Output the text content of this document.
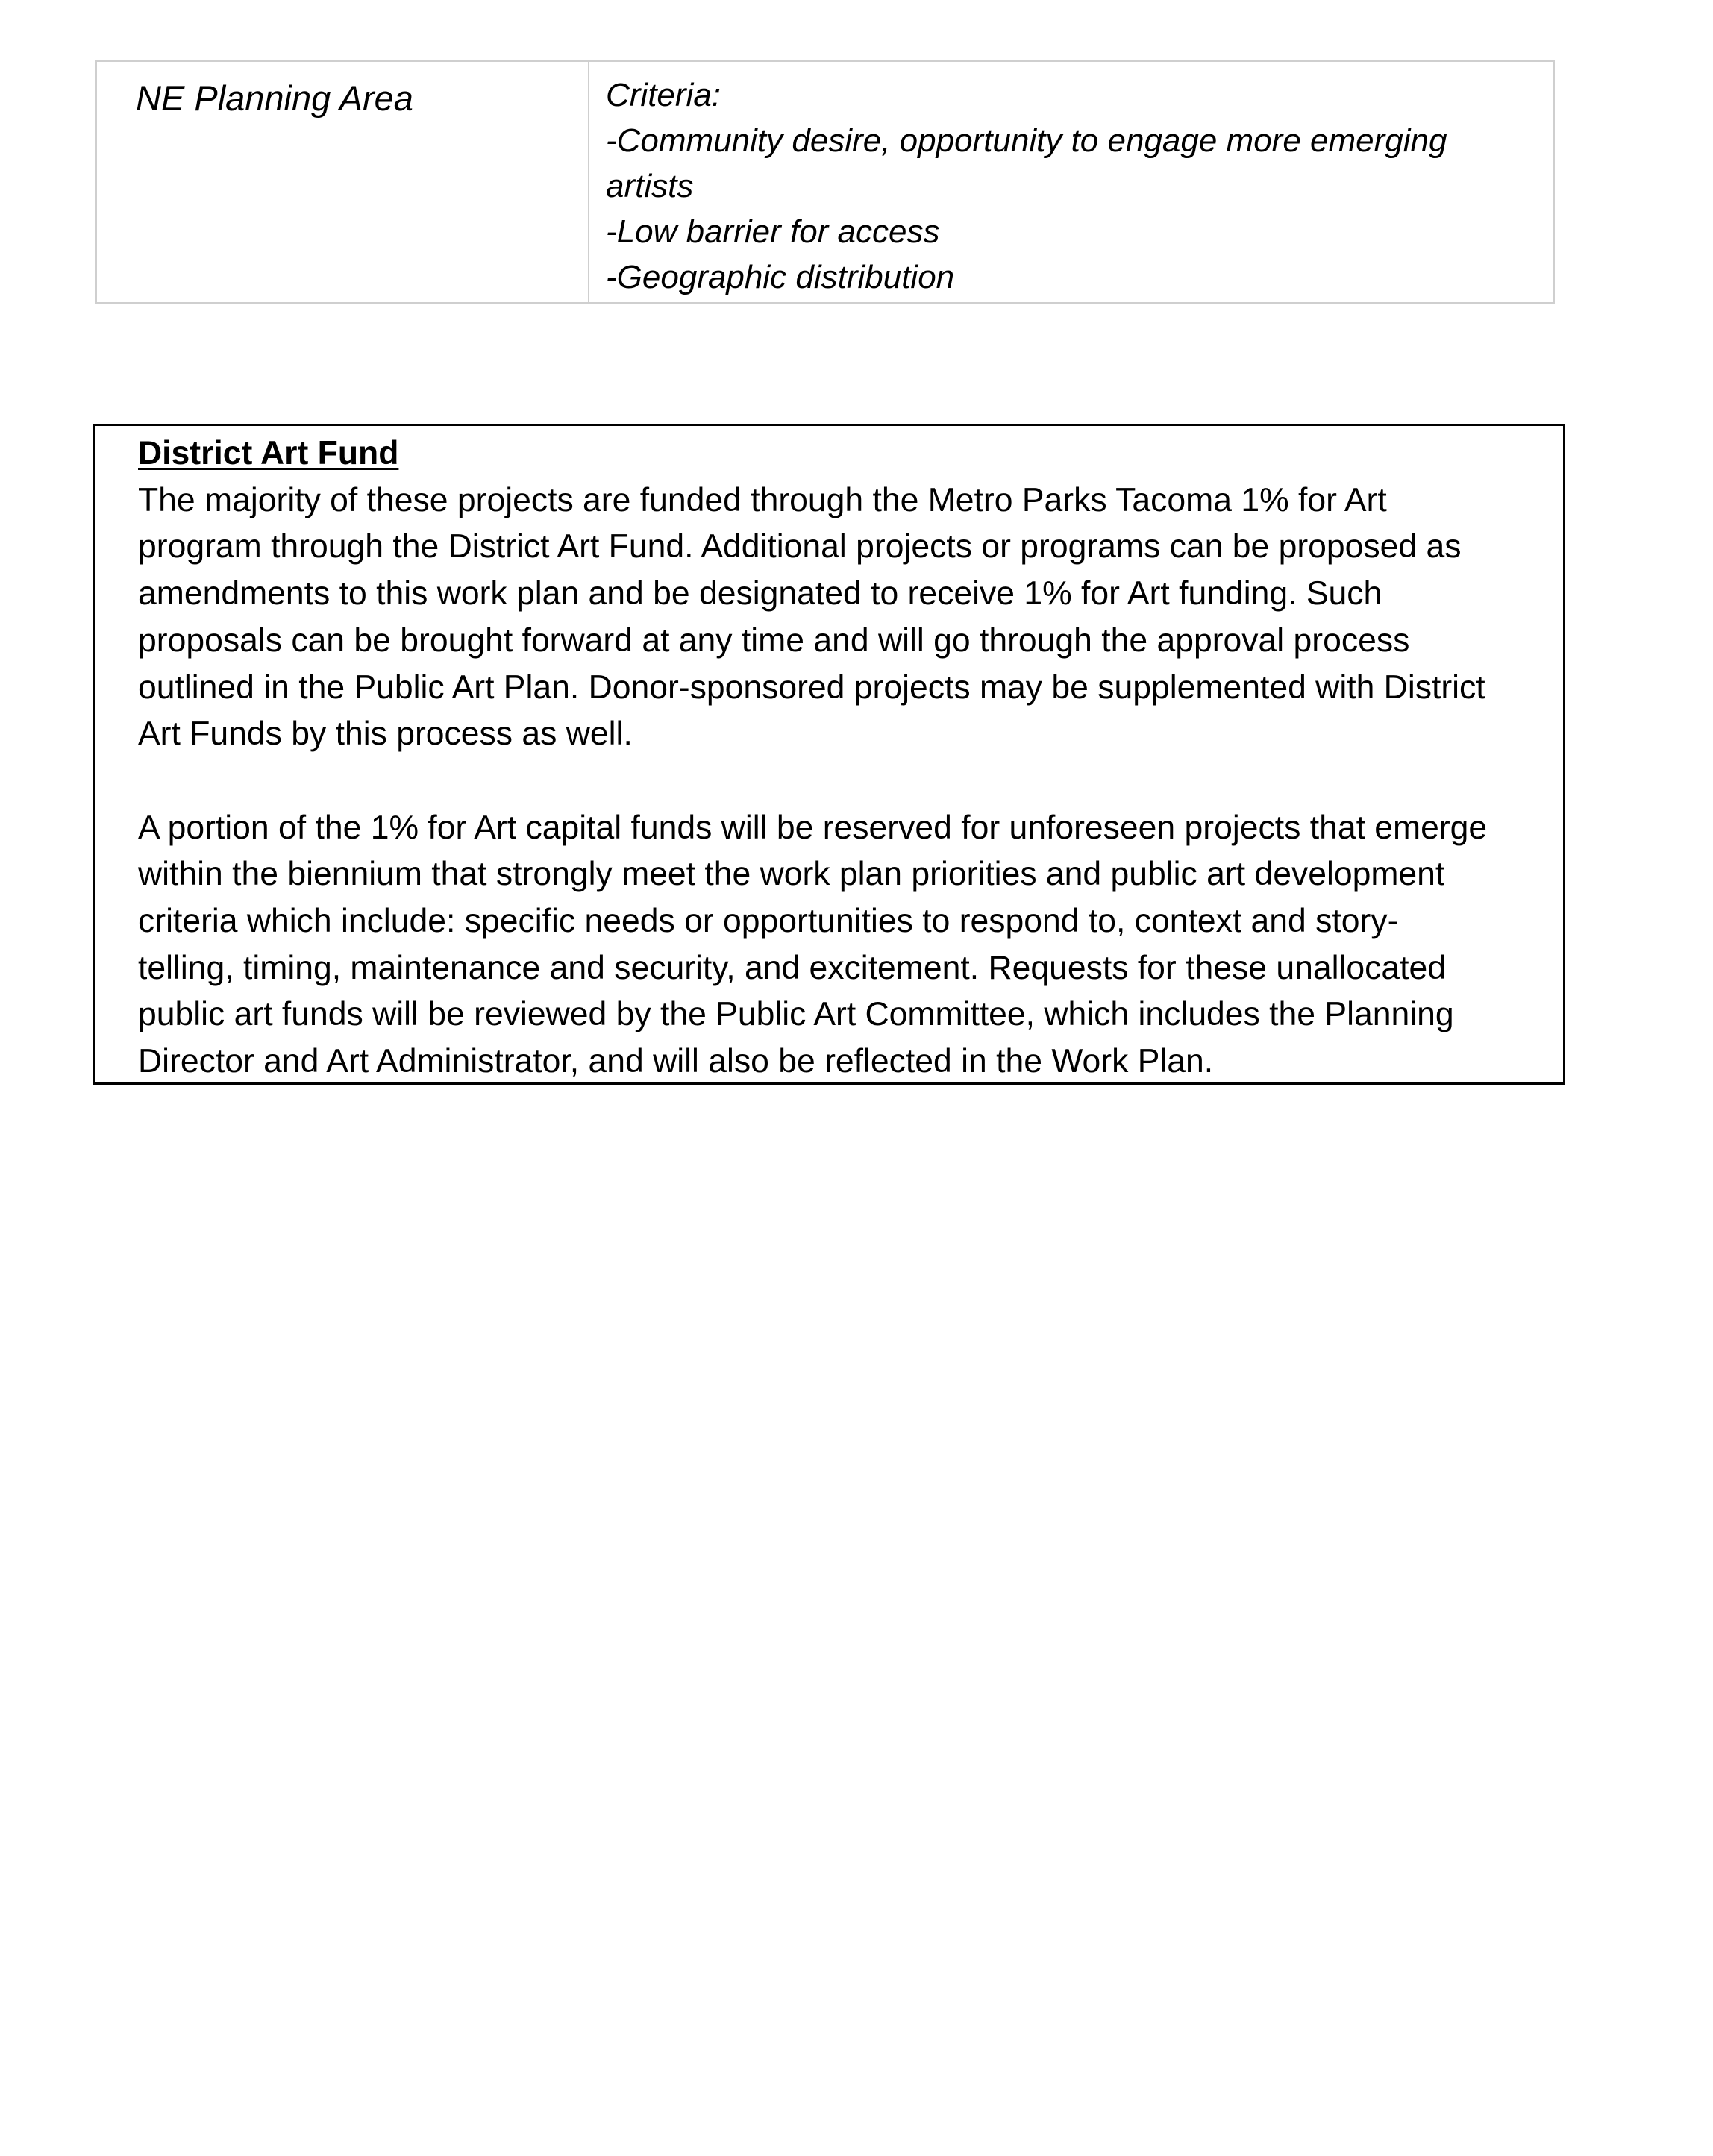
NE Planning Area	Criteria:
-Community desire, opportunity to engage more emerging
artists
-Low barrier for access
-Geographic distribution
District Art Fund
The majority of these projects are funded through the Metro Parks Tacoma 1% for Art
program through the District Art Fund. Additional projects or programs can be proposed as
amendments to this work plan and be designated to receive 1% for Art funding. Such
proposals can be brought forward at any time and will go through the approval process
outlined in the Public Art Plan. Donor-sponsored projects may be supplemented with District
Art Funds by this process as well.
A portion of the 1% for Art capital funds will be reserved for unforeseen projects that emerge
within the biennium that strongly meet the work plan priorities and public art development
criteria which include: specific needs or opportunities to respond to, context and story-
telling, timing, maintenance and security, and excitement. Requests for these unallocated
public art funds will be reviewed by the Public Art Committee, which includes the Planning
Director and Art Administrator, and will also be reflected in the Work Plan.
